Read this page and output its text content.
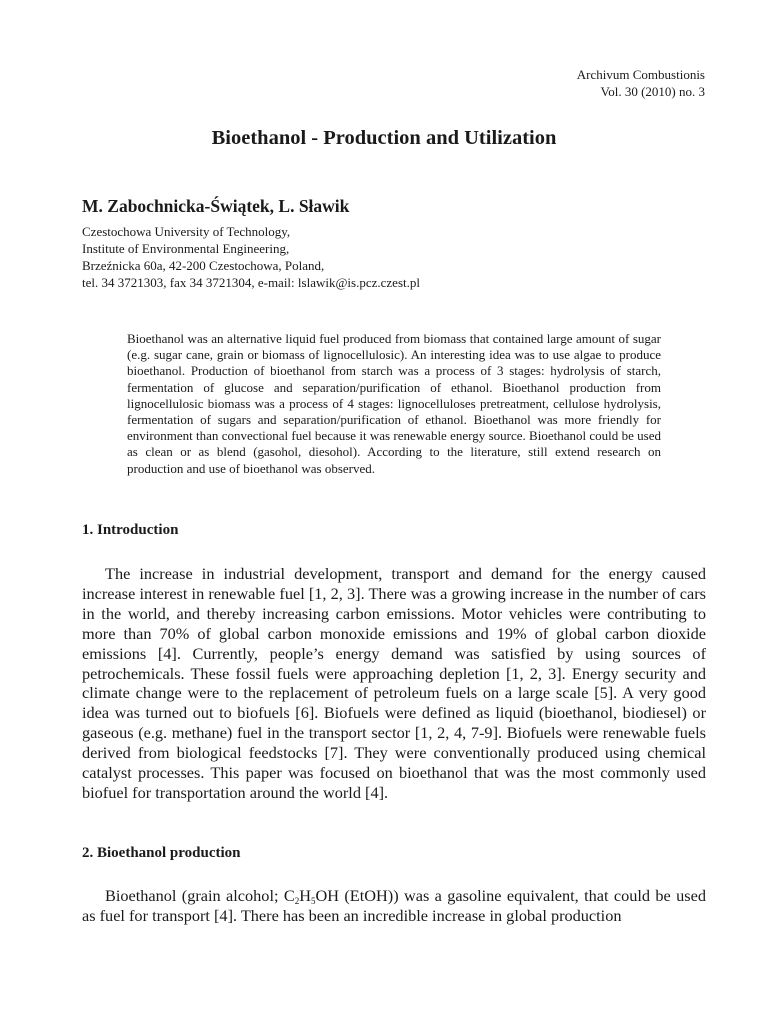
Archivum Combustionis
Vol. 30 (2010) no. 3
Bioethanol - Production and Utilization
M. Zabochnicka-Świątek, L. Sławik
Czestochowa University of Technology,
Institute of Environmental Engineering,
Brzeźnicka 60a, 42-200 Czestochowa, Poland,
tel. 34 3721303, fax 34 3721304, e-mail: lslawik@is.pcz.czest.pl

Bioethanol was an alternative liquid fuel produced from biomass that contained large amount of sugar (e.g. sugar cane, grain or biomass of lignocellulosic). An interesting idea was to use algae to produce bioethanol. Production of bioethanol from starch was a process of 3 stages: hydrolysis of starch, fermentation of glucose and separation/purification of ethanol. Bioethanol production from lignocellulosic biomass was a process of 4 stages: lignocelluloses pretreatment, cellulose hydrolysis, fermentation of sugars and separation/purification of ethanol. Bioethanol was more friendly for environment than convectional fuel because it was renewable energy source. Bioethanol could be used as clean or as blend (gasohol, diesohol). According to the literature, still extend research on production and use of bioethanol was observed.

1. Introduction

The increase in industrial development, transport and demand for the energy caused increase interest in renewable fuel [1, 2, 3]. There was a growing increase in the number of cars in the world, and thereby increasing carbon emissions. Motor vehicles were contributing to more than 70% of global carbon monoxide emissions and 19% of global carbon dioxide emissions [4]. Currently, people’s energy demand was satisfied by using sources of petrochemicals. These fossil fuels were approaching depletion [1, 2, 3]. Energy security and climate change were to the replacement of petroleum fuels on a large scale [5]. A very good idea was turned out to biofuels [6]. Biofuels were defined as liquid (bioethanol, biodiesel) or gaseous (e.g. methane) fuel in the transport sector [1, 2, 4, 7-9]. Biofuels were renewable fuels derived from biological feedstocks [7]. They were conventionally produced using chemical catalyst processes. This paper was focused on bioethanol that was the most commonly used biofuel for transportation around the world [4].

2. Bioethanol production

Bioethanol (grain alcohol; $C_2H_5OH$ (EtOH)) was a gasoline equivalent, that could be used as fuel for transport [4]. There has been an incredible increase in global production
